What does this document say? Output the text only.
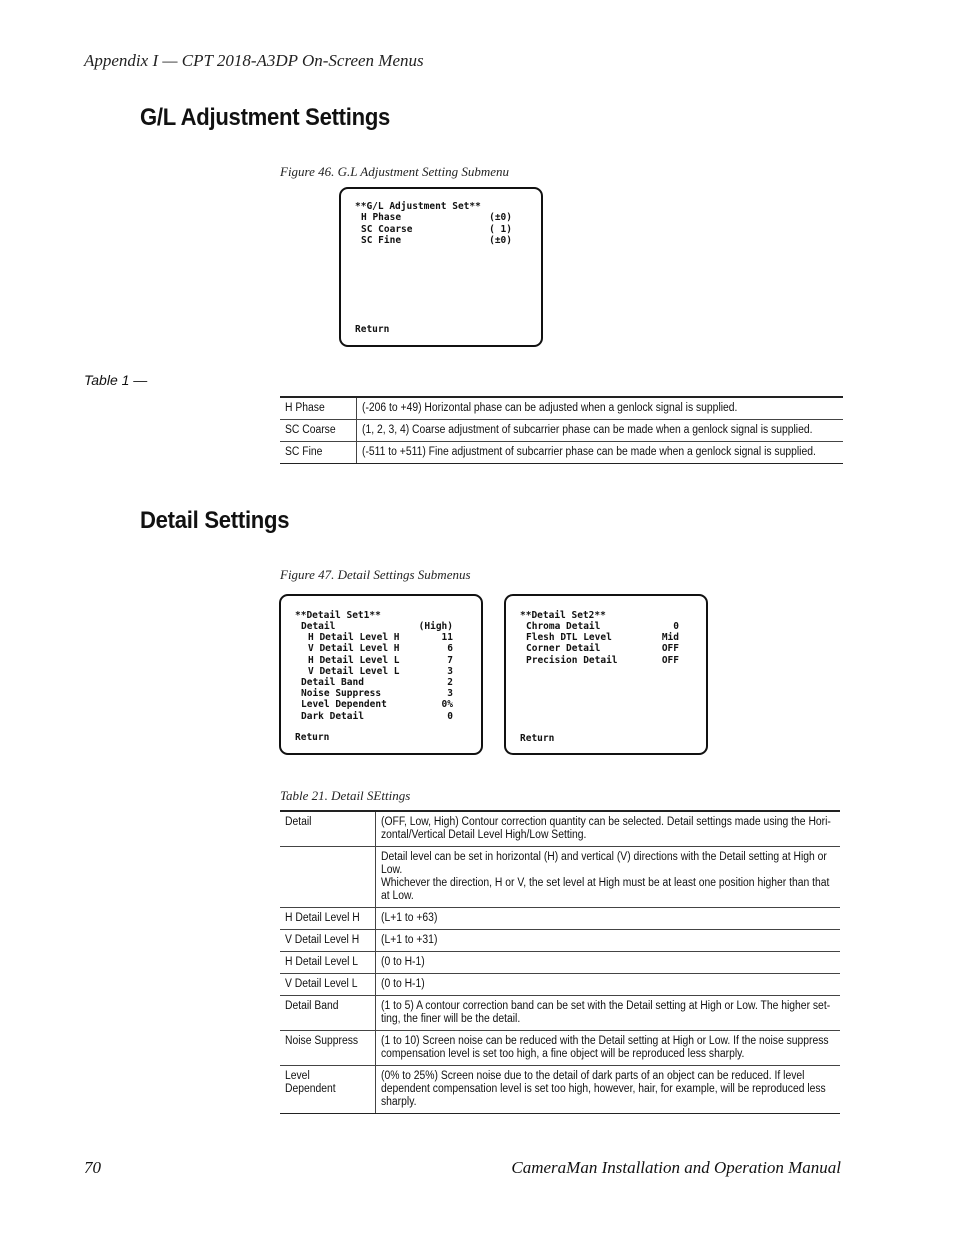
Appendix I — CPT 2018-A3DP On-Screen Menus
G/L Adjustment Settings
Figure 46. G.L Adjustment Setting Submenu
**G/L Adjustment Set**
H Phase	(±0)
SC Coarse	( 1)
SC Fine	(±0)
Return
Table 1 —
H Phase	(-206 to +49) Horizontal phase can be adjusted when a genlock signal is supplied.
SC Coarse	(1, 2, 3, 4) Coarse adjustment of subcarrier phase can be made when a genlock signal is supplied.
SC Fine	(-511 to +511) Fine adjustment of subcarrier phase can be made when a genlock signal is supplied.
Detail Settings
Figure 47. Detail Settings Submenus
**Detail Set1**
Detail	(High)
H Detail Level H	11
V Detail Level H	6
H Detail Level L	7
V Detail Level L	3
Detail Band	2
Noise Suppress	3
Level Dependent	0%
Dark Detail	0
Return
**Detail Set2**
Chroma Detail	0
Flesh DTL Level	Mid
Corner Detail	OFF
Precision Detail	OFF
Return
Table 21. Detail SEttings
Detail	(OFF, Low, High) Contour correction quantity can be selected. Detail settings made using the Hori-zontal/Vertical Detail Level High/Low Setting.
	Detail level can be set in horizontal (H) and vertical (V) directions with the Detail setting at High or Low.
Whichever the direction, H or V, the set level at High must be at least one position higher than that at Low.
H Detail Level H	(L+1 to +63)
V Detail Level H	(L+1 to +31)
H Detail Level L	(0 to H-1)
V Detail Level L	(0 to H-1)
Detail Band	(1 to 5) A contour correction band can be set with the Detail setting at High or Low. The higher set-ting, the finer will be the detail.
Noise Suppress	(1 to 10) Screen noise can be reduced with the Detail setting at High or Low. If the noise suppress compensation level is set too high, a fine object will be reproduced less sharply.
Level Dependent	(0% to 25%) Screen noise due to the detail of dark parts of an object can be reduced. If level dependent compensation level is set too high, however, hair, for example, will be reproduced less sharply.
70	CameraMan Installation and Operation Manual
